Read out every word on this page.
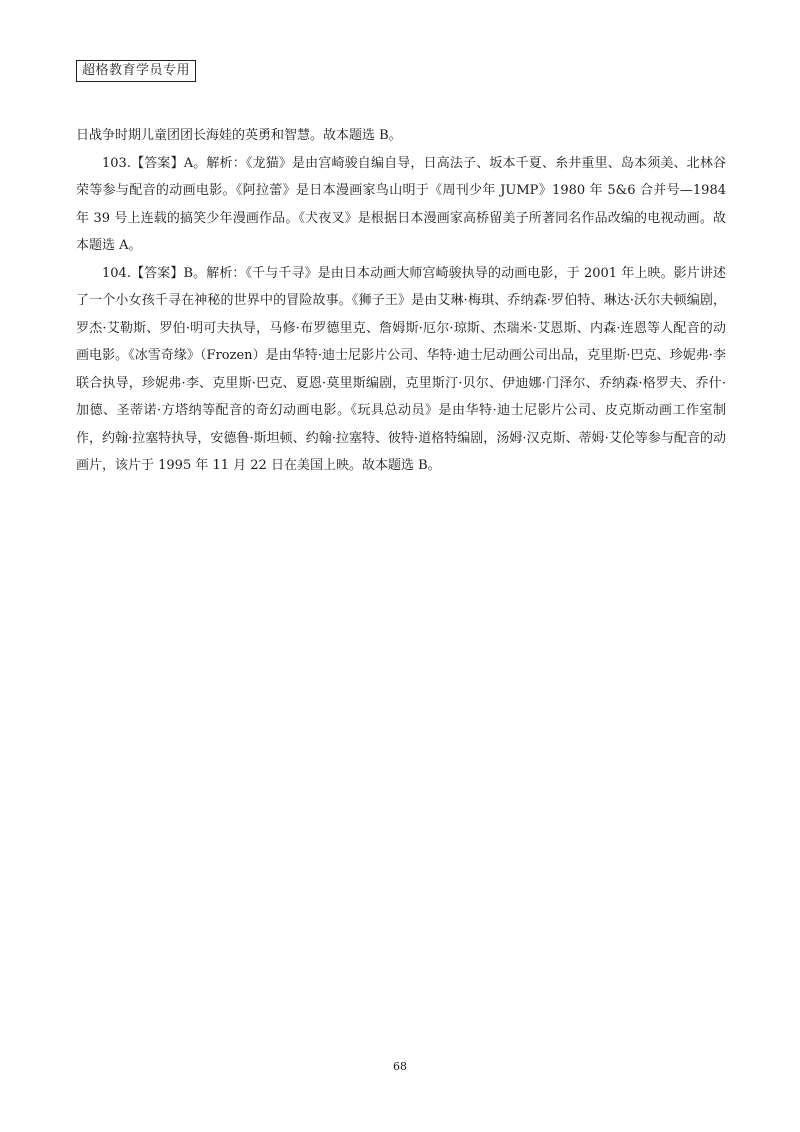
超格教育学员专用

日战争时期儿童团团长海娃的英勇和智慧。故本题选 B。

103.【答案】A。解析：《龙猫》是由宫崎骏自编自导，日高法子、坂本千夏、糸井重里、岛本须美、北林谷荣等参与配音的动画电影。《阿拉蕾》是日本漫画家鸟山明于《周刊少年 JUMP》1980 年 5&6 合并号—1984 年 39 号上连载的搞笑少年漫画作品。《犬夜叉》是根据日本漫画家高桥留美子所著同名作品改编的电视动画。故本题选 A。

104.【答案】B。解析：《千与千寻》是由日本动画大师宫崎骏执导的动画电影，于 2001 年上映。影片讲述了一个小女孩千寻在神秘的世界中的冒险故事。《狮子王》是由艾琳·梅琪、乔纳森·罗伯特、琳达·沃尔夫顿编剧，罗杰·艾勒斯、罗伯·明可夫执导，马修·布罗德里克、詹姆斯·厄尔·琼斯、杰瑞米·艾恩斯、内森·连恩等人配音的动画电影。《冰雪奇缘》（Frozen）是由华特·迪士尼影片公司、华特·迪士尼动画公司出品，克里斯·巴克、珍妮弗·李联合执导，珍妮弗·李、克里斯·巴克、夏恩·莫里斯编剧，克里斯汀·贝尔、伊迪娜·门泽尔、乔纳森·格罗夫、乔什·加德、圣蒂诺·方塔纳等配音的奇幻动画电影。《玩具总动员》是由华特·迪士尼影片公司、皮克斯动画工作室制作，约翰·拉塞特执导，安德鲁·斯坦顿、约翰·拉塞特、彼特·道格特编剧，汤姆·汉克斯、蒂姆·艾伦等参与配音的动画片，该片于 1995 年 11 月 22 日在美国上映。故本题选 B。

68
